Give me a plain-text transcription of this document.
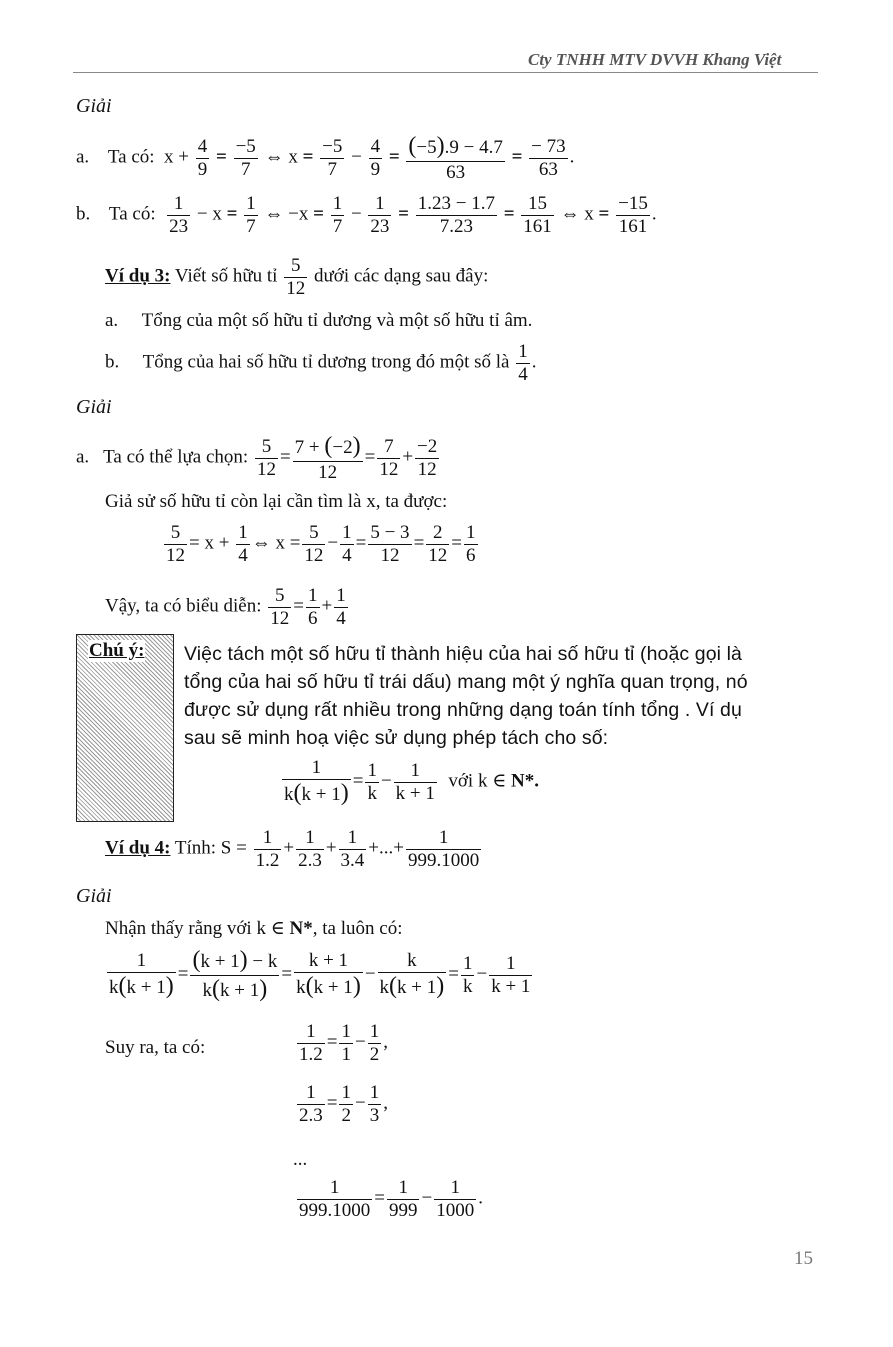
Cty TNHH MTV DVVH Khang Việt
Giải
a. Ta có:  $x + \frac{4}{9} = \frac{-5}{7}$ ⇔ $x = \frac{-5}{7} - \frac{4}{9} = \frac{(-5).9 - 4.7}{63} = \frac{- 73}{63}$ .
b. Ta có: $\frac{1}{23} - x = \frac{1}{7}$ ⇔ $-x = \frac{1}{7} - \frac{1}{23} = \frac{1.23 - 1.7}{7.23} = \frac{15}{161}$ ⇔ $x = \frac{-15}{161}$ .
Ví dụ 3: Viết số hữu tỉ $\frac{5}{12}$ dưới các dạng sau đây:
a. Tổng của một số hữu tỉ dương và một số hữu tỉ âm.
b. Tổng của hai số hữu tỉ dương trong đó một số là $\frac{1}{4}$ .
Giải
a. Ta có thể lựa chọn: $\frac{5}{12} = \frac{7 + (-2)}{12} = \frac{7}{12} + \frac{-2}{12}$
Giả sử số hữu tỉ còn lại cần tìm là x, ta được:
$\frac{5}{12} = x + \frac{1}{4}$ ⇔ $x = \frac{5}{12} - \frac{1}{4} = \frac{5 - 3}{12} = \frac{2}{12} = \frac{1}{6}$
Vậy, ta có biểu diễn: $\frac{5}{12} = \frac{1}{6} + \frac{1}{4}$
Chú ý: Việc tách một số hữu tỉ thành hiệu của hai số hữu tỉ (hoặc gọi là
tổng của hai số hữu tỉ trái dấu) mang một ý nghĩa quan trọng, nó
được sử dụng rất nhiều trong những dạng toán tính tổng . Ví dụ
sau sẽ minh hoạ việc sử dụng phép tách cho số:
$\frac{1}{k(k + 1)} = \frac{1}{k} - \frac{1}{k + 1}$ với k ∈ N*.
Ví dụ 4: Tính: $S = \frac{1}{1.2} + \frac{1}{2.3} + \frac{1}{3.4}$ +...+ $\frac{1}{999.1000}$
Giải
Nhận thấy rằng với k ∈ N*, ta luôn có:
$\frac{1}{k(k + 1)} = \frac{(k + 1) - k}{k(k + 1)} = \frac{k + 1}{k(k + 1)} - \frac{k}{k(k + 1)} = \frac{1}{k} - \frac{1}{k + 1}$
Suy ra, ta có:	$\frac{1}{1.2} = \frac{1}{1} - \frac{1}{2}$ ,
$\frac{1}{2.3} = \frac{1}{2} - \frac{1}{3}$ ,
...
$\frac{1}{999.1000} = \frac{1}{999} - \frac{1}{1000}$ .
15
